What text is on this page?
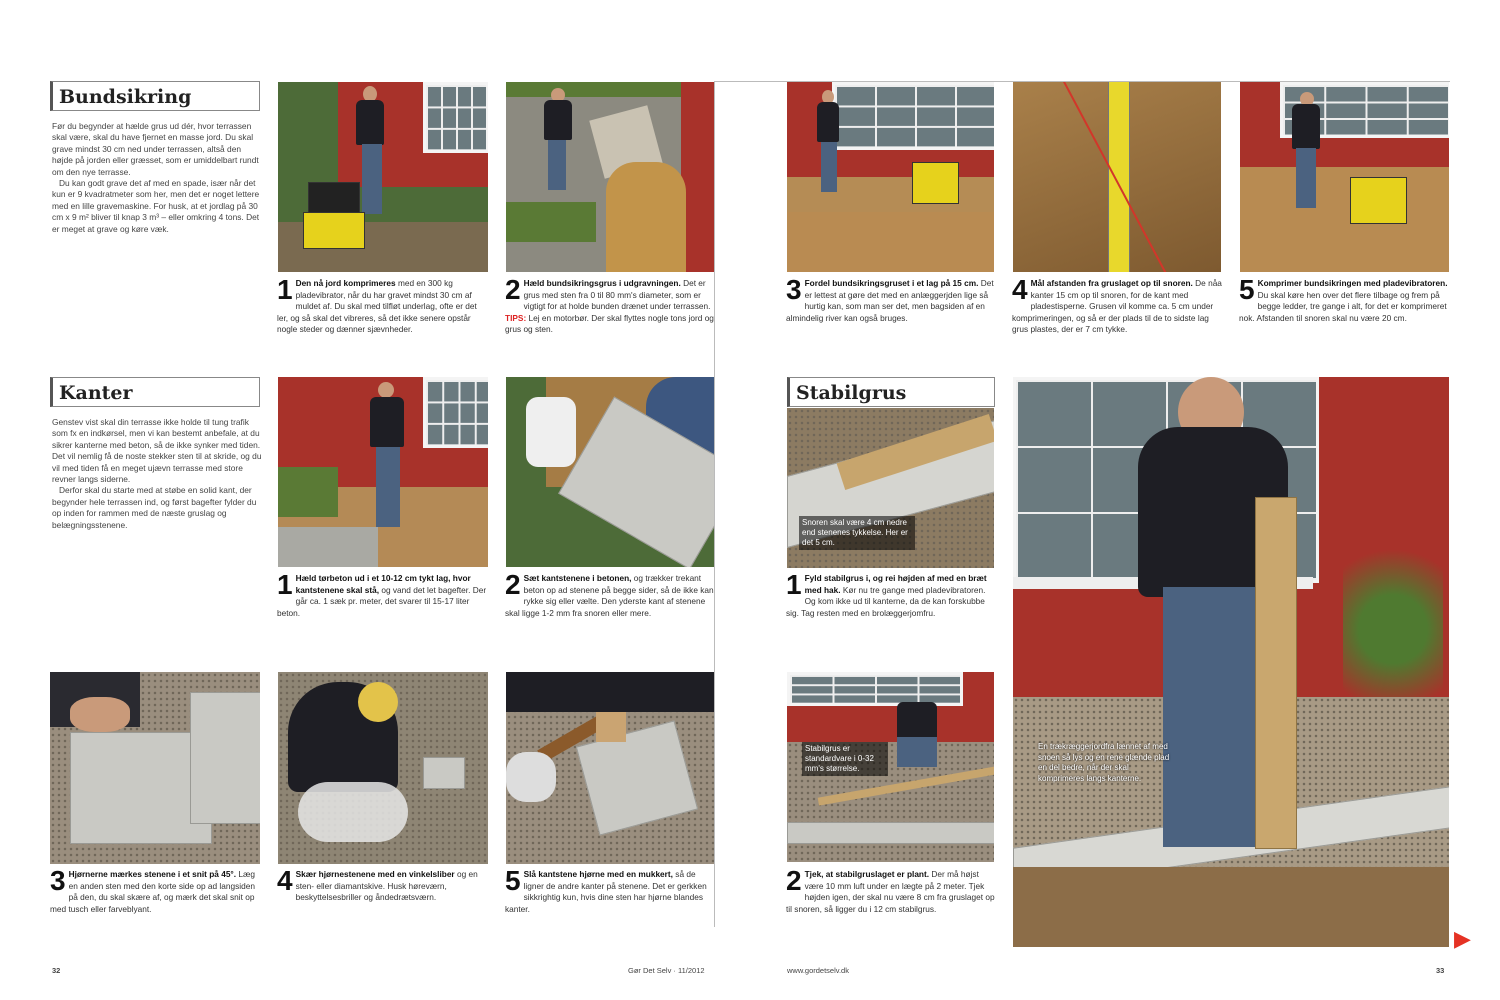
Bundsikring
Før du begynder at hælde grus ud dér, hvor terrassen skal være, skal du have fjernet en masse jord. Du skal grave mindst 30 cm ned under terrassen, altså den højde på jorden eller græsset, som er umiddelbart rundt om den nye terrasse.
Du kan godt grave det af med en spade, især når det kun er 9 kvadratmeter som her, men det er noget lettere med en lille gravemaskine. For husk, at et jordlag på 30 cm x 9 m² bliver til knap 3 m³ – eller omkring 4 tons. Det er meget at grave og køre væk.
1 Den nå jord komprimeres med en 300 kg pladevibrator, når du har gravet mindst 30 cm af muldet af. Du skal med tilfløt underlag, ofte er det ler, og så skal det vibreres, så det ikke senere opstår nogle steder og dænner sjævnheder.
2 Hæld bundsikringsgrus i udgravningen. Det er grus med sten fra 0 til 80 mm's diameter, som er vigtigt for at holde bunden drænet under terrassen. TIPS: Lej en motorbør. Der skal flyttes nogle tons jord og grus og sten.
Kanter
Genstev vist skal din terrasse ikke holde til tung trafik som fx en indkørsel, men vi kan bestemt anbefale, at du sikrer kanterne med beton, så de ikke synker med tiden. Det vil nemlig få de noste stekker sten til at skride, og du vil med tiden få en meget ujævn terrasse med store revner langs siderne.
Derfor skal du starte med at støbe en solid kant, der begynder hele terrassen ind, og først bagefter fylder du op inden for rammen med de næste gruslag og belægningsstenene.
1 Hæld tørbeton ud i et 10-12 cm tykt lag, hvor kantstenene skal stå, og vand det let bagefter. Der går ca. 1 sæk pr. meter, det svarer til 15-17 liter beton.
2 Sæt kantstenene i betonen, og trækker trekant beton op ad stenene på begge sider, så de ikke kan rykke sig eller vælte. Den yderste kant af stenene skal ligge 1-2 mm fra snoren eller mere.
3 Hjørnerne mærkes stenene i et snit på 45°. Læg en anden sten med den korte side op ad langsiden på den, du skal skære af, og mærk det skal snit op med tusch eller farveblyant.
4 Skær hjørnestenene med en vinkelsliber og en sten- eller diamantskive. Husk høreværn, beskyttelsesbriller og åndedrætsværn.
5 Slå kantstene hjørne med en mukkert, så de ligner de andre kanter på stenene. Det er gerkken sikkrightig kun, hvis dine sten har hjørne blandes kanter.
32	Gør Det Selv · 11/2012
3 Fordel bundsikringsgruset i et lag på 15 cm. Det er lettest at gøre det med en anlæggerjden lige så hurtig kan, som man ser det, men bagsiden af en almindelig river kan også bruges.
4 Mål afstanden fra gruslaget op til snoren. De nåa kanter 15 cm op til snoren, for de kant med pladestisperne. Grusen vil komme ca. 5 cm under komprimeringen, og så er der plads til de to sidste lag grus plastes, der er 7 cm tykke.
5 Komprimer bundsikringen med pladevibratoren. Du skal køre hen over det flere tilbage og frem på begge ledder, tre gange i alt, for det er komprimeret nok. Afstanden til snoren skal nu være 20 cm.
Stabilgrus
Snoren skal være 4 cm nedre end stenenes tykkelse. Her er det 5 cm.
1 Fyld stabilgrus i, og rei højden af med en bræt med hak. Kør nu tre gange med pladevibratoren. Og kom ikke ud til kanterne, da de kan forskubbe sig. Tag resten med en brolæggerjomfru.
Stabilgrus er standardvare i 0-32 mm's størrelse.
2 Tjek, at stabilgruslaget er plant. Der må højst være 10 mm luft under en lægte på 2 meter. Tjek højden igen, der skal nu være 8 cm fra gruslaget op til snoren, så ligger du i 12 cm stabilgrus.
En trækræggerjordfra lænnet af med snoen så lys og en rene glænde plad en del bedre, når der skal komprimeres langs kanterne.
www.gordetselv.dk	33
▶
